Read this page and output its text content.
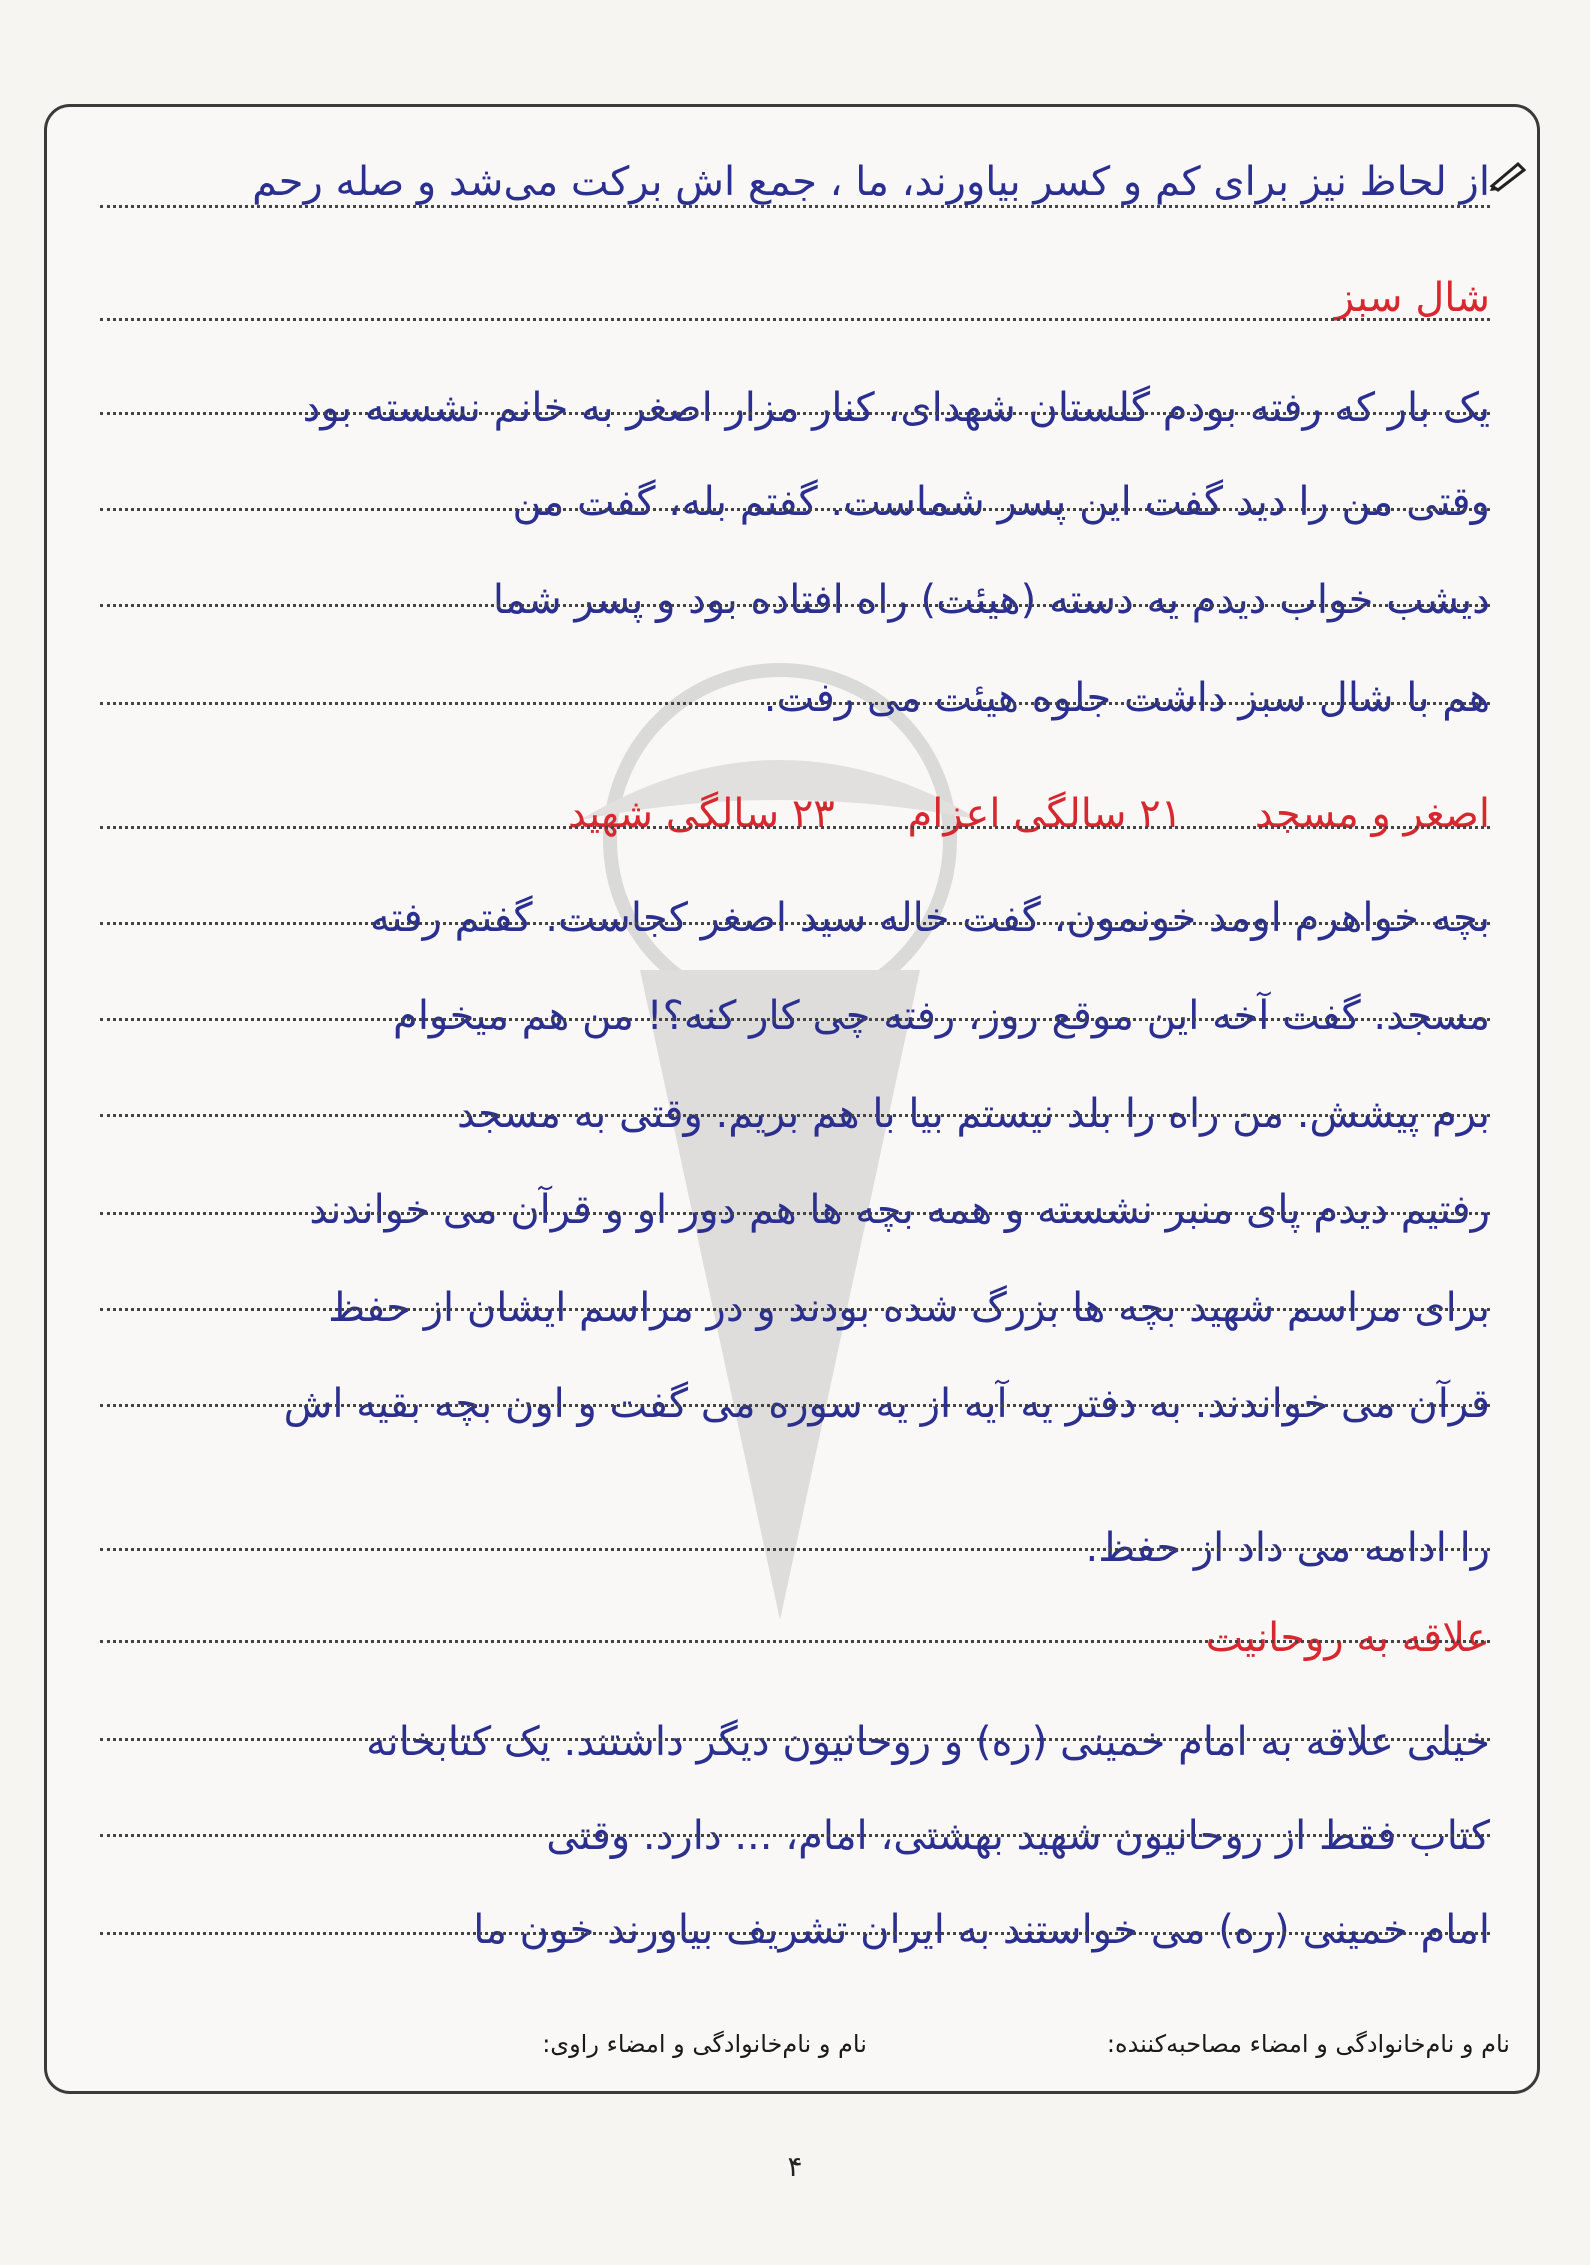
از لحاظ نیز برای کم و کسر بیاورند، ما ، جمع اش برکت می‌شد و صله رحم
شال سبز
یک بار که رفته بودم گلستان شهدای، کنار مزار اصغر به خانم نشسته بود
وقتی من را دید گفت این پسر شماست. گفتم بله، گفت من
دیشب خواب دیدم یه دسته (هیئت) راه افتاده بود و پسر شما
هم با شال سبز داشت جلوه هیئت می رفت.
اصغر و مسجد ۲۱ سالگی اعزام ۲۳ سالگی شهید
بچه خواهرم اومد خونمون، گفت خاله سید اصغر کجاست. گفتم رفته
مسجد. گفت آخه این موقع روز، رفته چی کار کنه؟! من هم میخوام
برم پیشش. من راه را بلد نیستم بیا با هم بریم. وقتی به مسجد
رفتیم دیدم پای منبر نشسته و همه بچه ها هم دور او و قرآن می خواندند
برای مراسم شهید بچه ها بزرگ شده بودند و در مراسم ایشان از حفظ
قرآن می خواندند. به دفتر یه آیه از یه سوره می گفت و اون بچه بقیه اش
را ادامه می داد از حفظ.
علاقه به روحانیت
خیلی علاقه به امام خمینی (ره) و روحانیون دیگر داشتند. یک کتابخانه
کتاب فقط از روحانیون شهید بهشتی، امام، ... دارد. وقتی
امام خمینی (ره) می خواستند به ایران تشریف بیاورند خون ما
نام و نام‌خانوادگی و امضاء مصاحبه‌کننده:
نام و نام‌خانوادگی و امضاء راوی:
۴
